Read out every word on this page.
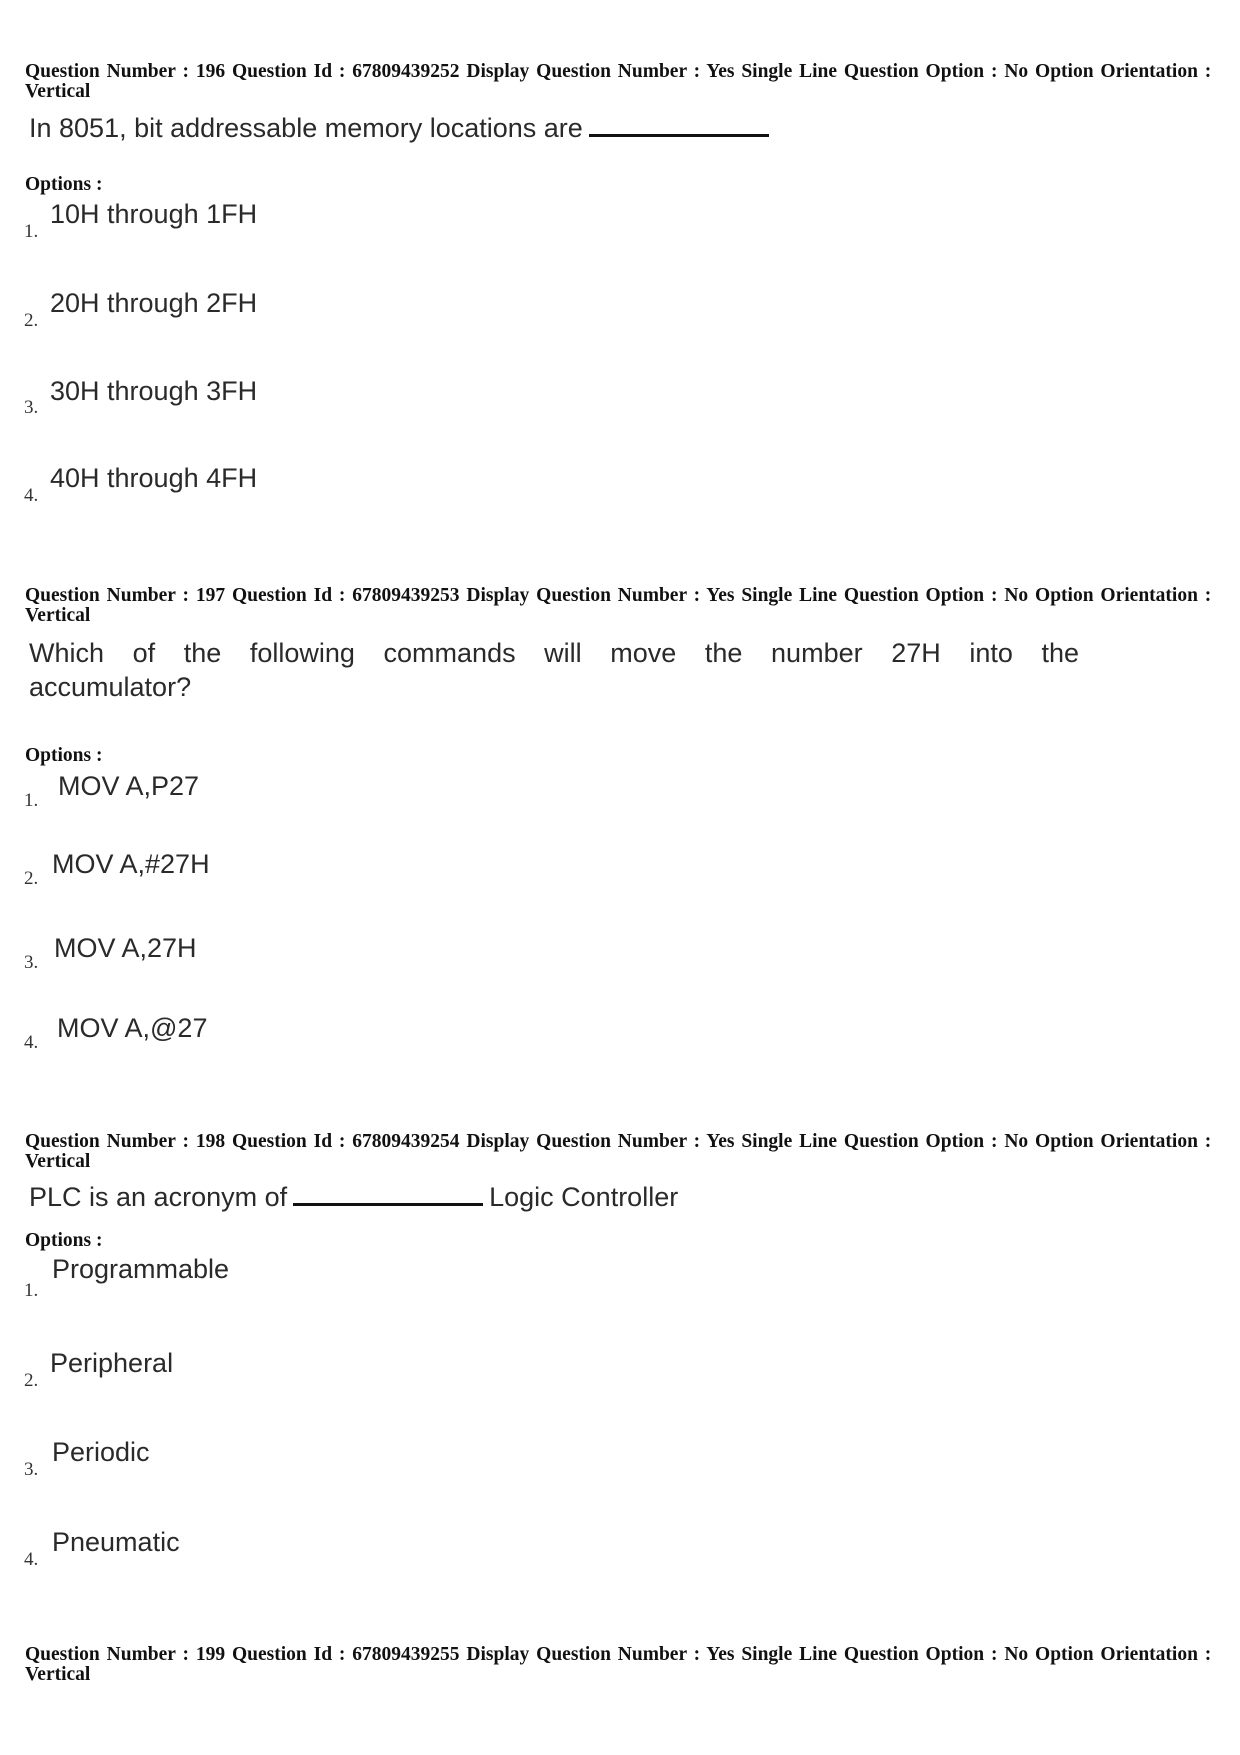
Question Number : 196 Question Id : 67809439252 Display Question Number : Yes Single Line Question Option : No Option Orientation : Vertical
In 8051, bit addressable memory locations are
Options :
1.
10H through 1FH
2.
20H through 2FH
3.
30H through 3FH
4.
40H through 4FH
Question Number : 197 Question Id : 67809439253 Display Question Number : Yes Single Line Question Option : No Option Orientation : Vertical
Which of the following commands will move the number 27H into the accumulator?
Options :
1. MOV A,P27
2. MOV A,#27H
3. MOV A,27H
4. MOV A,@27
Question Number : 198 Question Id : 67809439254 Display Question Number : Yes Single Line Question Option : No Option Orientation : Vertical
PLC is an acronym of	Logic Controller
Options :
1.
Programmable
2.
Peripheral
3.
Periodic
4.
Pneumatic
Question Number : 199 Question Id : 67809439255 Display Question Number : Yes Single Line Question Option : No Option Orientation : Vertical
